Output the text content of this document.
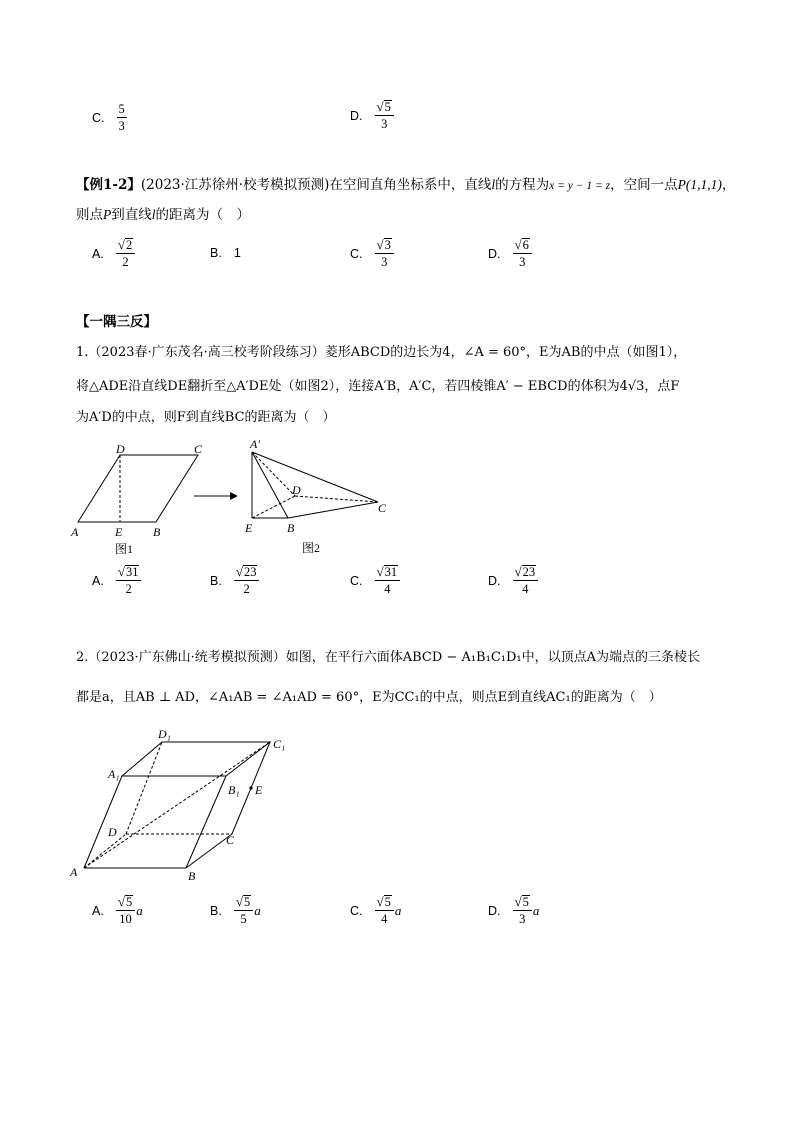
C. $\frac{5}{3}$	D. $\frac{√ 5}{3}$
【例1-2】(2023·江苏徐州·校考模拟预测)在空间直角坐标系中，直线l的方程为x = y − 1 = z，空间一点P(1,1,1)，
则点P到直线l的距离为（　）
A. $\frac{√ 2}{2}$	B. 1	C. $\frac{√ 3}{3}$	D. $\frac{√ 6}{3}$
【一隅三反】
1.（2023春·广东茂名·高三校考阶段练习）菱形ABCD的边长为4，∠A = 60°，E为AB的中点（如图1），
将△ADE沿直线DE翻折至△A′DE处（如图2），连接A′B，A′C，若四棱锥A′ − EBCD的体积为4√3，点F
为A′D的中点，则F到直线BC的距离为（　）
A	E	B
D	C
图1
A′
D
E	B
C
图2
A. $\frac{√ 31}{2}$	B. $\frac{√ 23}{2}$	C. $\frac{√ 31}{4}$	D. $\frac{√ 23}{4}$
2.（2023·广东佛山·统考模拟预测）如图，在平行六面体ABCD − A₁B₁C₁D₁中，以顶点A为端点的三条棱长
都是a，且AB ⊥ AD，∠A₁AB = ∠A₁AD = 60°，E为CC₁的中点，则点E到直线AC₁的距离为（　）
A	B
C
D
A₁
B₁
C₁
D₁
E
A. $\frac{√ 5}{10}$ a	B. $\frac{√ 5}{5}$ a	C. $\frac{√ 5}{4}$ a	D. $\frac{√ 5}{3}$ a
